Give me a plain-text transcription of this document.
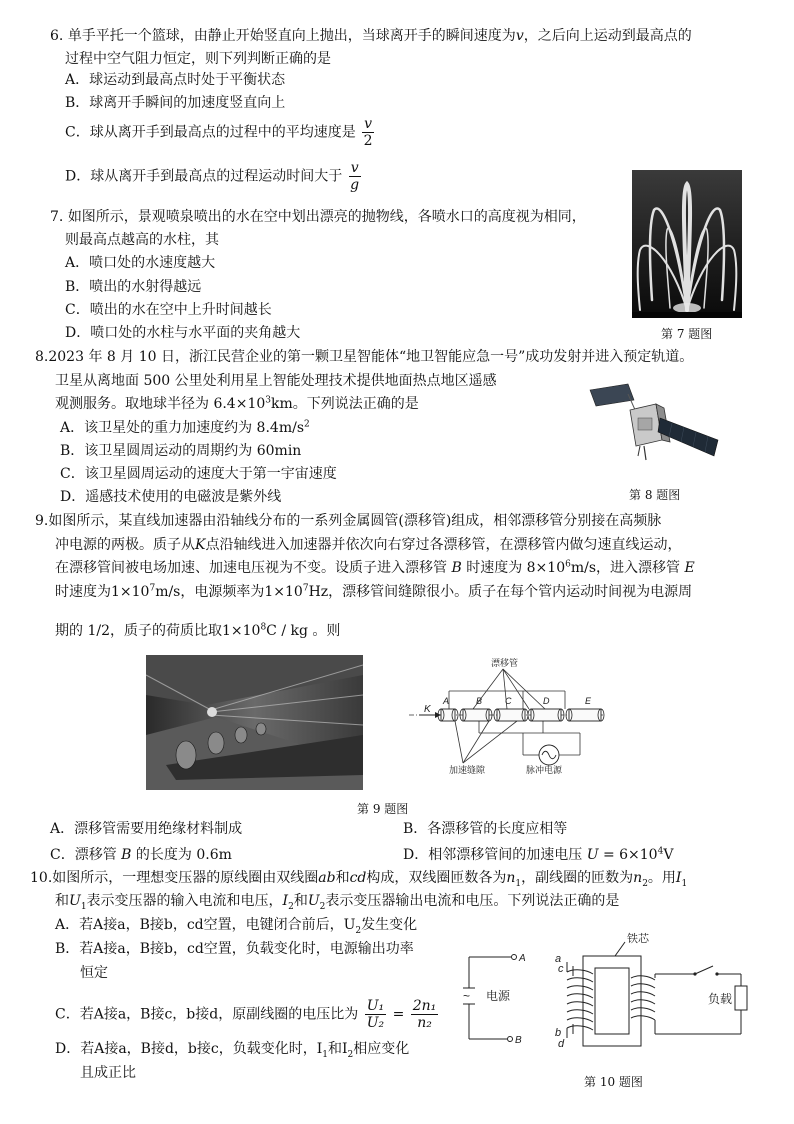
6. 单手平托一个篮球，由静止开始竖直向上抛出，当球离开手的瞬间速度为v，之后向上运动到最高点的
过程中空气阻力恒定，则下列判断正确的是
A．球运动到最高点时处于平衡状态
B．球离开手瞬间的加速度竖直向上
C．球从离开手到最高点的过程中的平均速度是 $\frac{v}{2}$
D．球从离开手到最高点的过程运动时间大于 $\frac{v}{g}$
7. 如图所示，景观喷泉喷出的水在空中划出漂亮的抛物线，各喷水口的高度视为相同，
则最高点越高的水柱，其
A．喷口处的水速度越大
B．喷出的水射得越远
C．喷出的水在空中上升时间越长
D．喷口处的水柱与水平面的夹角越大	第 7 题图
8.2023 年 8 月 10 日，浙江民营企业的第一颗卫星智能体“地卫智能应急一号”成功发射并进入预定轨道。
卫星从离地面 500 公里处利用星上智能处理技术提供地面热点地区遥感
观测服务。取地球半径为 $6.4\times 10^3km$。下列说法正确的是
A．该卫星处的重力加速度约为 $8.4m/s^2$
B．该卫星圆周运动的周期约为 60min
C．该卫星圆周运动的速度大于第一宇宙速度
D．遥感技术使用的电磁波是紫外线	第 8 题图
9.如图所示，某直线加速器由沿轴线分布的一系列金属圆管(漂移管)组成，相邻漂移管分别接在高频脉
冲电源的两极。质子从K点沿轴线进入加速器并依次向右穿过各漂移管，在漂移管内做匀速直线运动，
在漂移管间被电场加速、加速电压视为不变。设质子进入漂移管 B 时速度为 $8\times 10^6m/s$，进入漂移管 E
时速度为$1\times 10^7m/s$，电源频率为$1\times 10^7Hz$，漂移管间缝隙很小。质子在每个管内运动时间视为电源周
期的 1/2，质子的荷质比取$1\times 10^8C$ / kg 。则
漂移管
K
A	B	C	D	E
加速缝隙	脉冲电源
第 9 题图
A．漂移管需要用绝缘材料制成	B．各漂移管的长度应相等
C．漂移管 B 的长度为 0.6m	D．相邻漂移管间的加速电压 $U = 6\times 10^4V$
10.如图所示，一理想变压器的原线圈由双线圈ab和cd构成，双线圈匝数各为$n_1$，副线圈的匝数为$n_2$。用$I_1$
和$U_1$表示变压器的输入电流和电压，$I_2$和$U_2$表示变压器输出电流和电压。下列说法正确的是
A．若A接a，B接b，cd空置，电键闭合前后，$U_2$发生变化
B．若A接a，B接b，cd空置，负载变化时，电源输出功率
恒定
C．若A接a，B接c，b接d，原副线圈的电压比为 $\frac{\text{U₁}}{\text{U₂}} = \frac{\text{2n₁}}{\text{n₂}}$
D．若A接a，B接d，b接c，负载变化时，$I_1$和$I_2$相应变化
且成正比
~ 电源
A
B
铁芯
a
c
b
d
负载
第 10 题图
